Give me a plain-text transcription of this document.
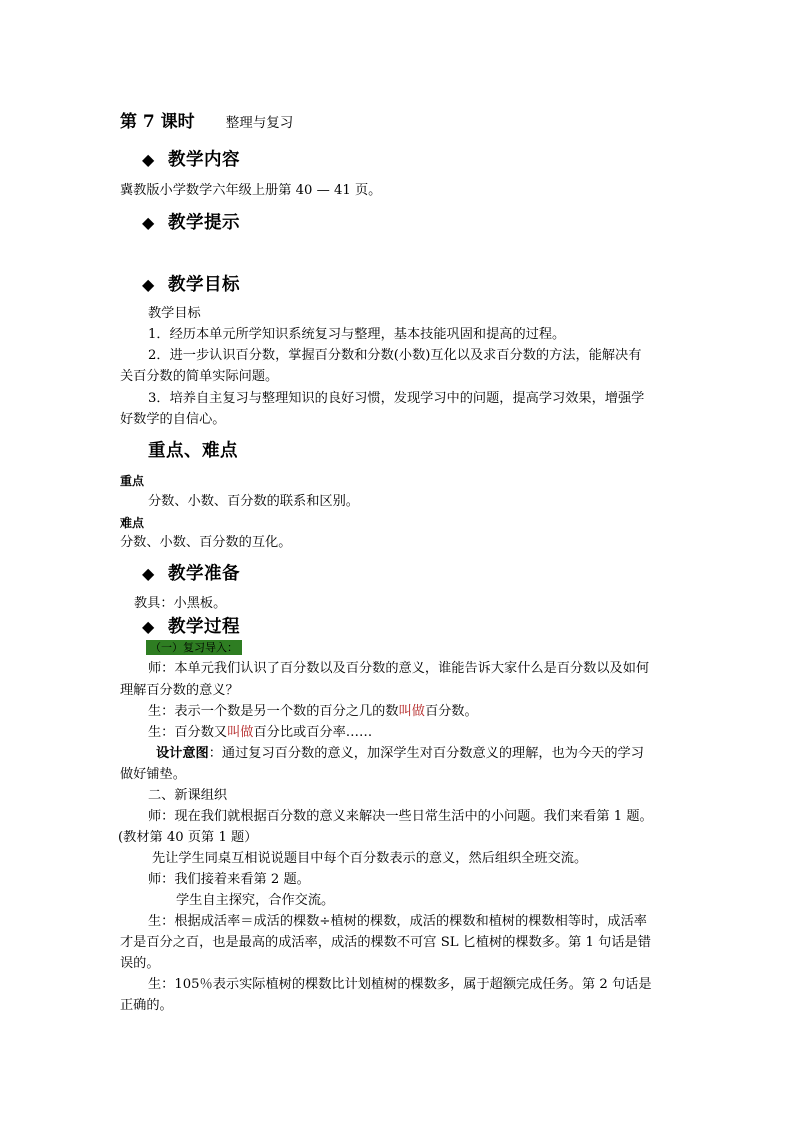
第 7 课时 整理与复习
◆ 教学内容
冀教版小学数学六年级上册第 40 — 41 页。
◆ 教学提示
◆ 教学目标
教学目标
1．经历本单元所学知识系统复习与整理，基本技能巩固和提高的过程。
2．进一步认识百分数，掌握百分数和分数(小数)互化以及求百分数的方法，能解决有
关百分数的简单实际问题。
3．培养自主复习与整理知识的良好习惯，发现学习中的问题，提高学习效果，增强学
好数学的自信心。
重点、难点
重点
分数、小数、百分数的联系和区别。
难点
分数、小数、百分数的互化。
◆ 教学准备
教具：小黑板。
◆ 教学过程
（一）复习导入：
师：本单元我们认识了百分数以及百分数的意义，谁能告诉大家什么是百分数以及如何
理解百分数的意义？
生：表示一个数是另一个数的百分之几的数叫做百分数。
生：百分数又叫做百分比或百分率……
设计意图：通过复习百分数的意义，加深学生对百分数意义的理解，也为今天的学习
做好铺垫。
二、新课组织
师：现在我们就根据百分数的意义来解决一些日常生活中的小问题。我们来看第 1 题。
(教材第 40 页第 1 题）
先让学生同桌互相说说题目中每个百分数表示的意义，然后组织全班交流。
师：我们接着来看第 2 题。
学生自主探究，合作交流。
生：根据成活率＝成活的棵数÷植树的棵数，成活的棵数和植树的棵数相等时，成活率
才是百分之百，也是最高的成活率，成活的棵数不可宫 SL 匕植树的棵数多。第 1 句话是错
误的。
生：105％表示实际植树的棵数比计划植树的棵数多，属于超额完成任务。第 2 句话是
正确的。
